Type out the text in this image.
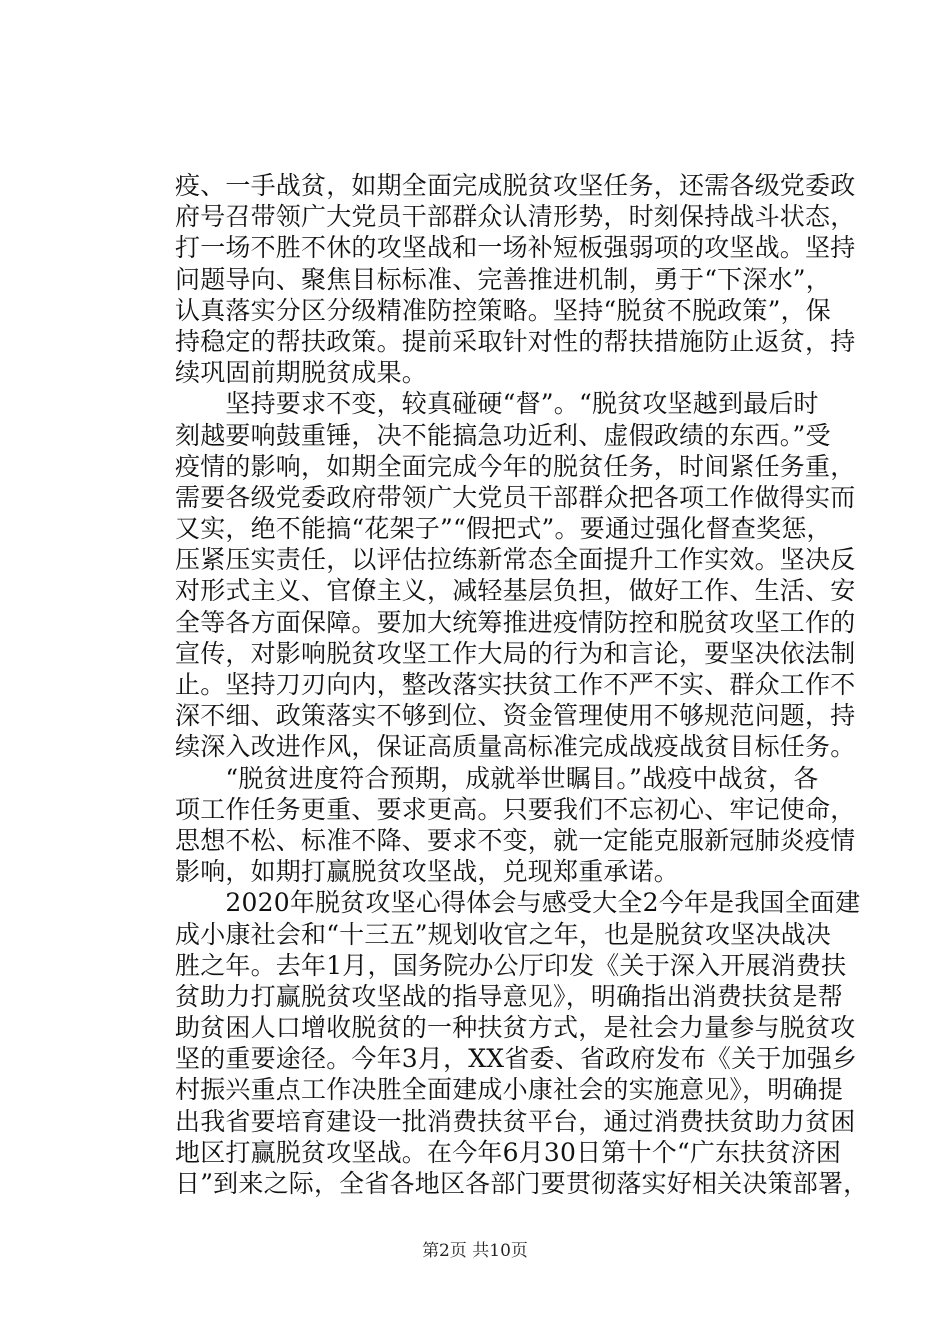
疫、一手战贫，如期全面完成脱贫攻坚任务，还需各级党委政
府号召带领广大党员干部群众认清形势，时刻保持战斗状态，
打一场不胜不休的攻坚战和一场补短板强弱项的攻坚战。坚持
问题导向、聚焦目标标准、完善推进机制，勇于“下深水”，
认真落实分区分级精准防控策略。坚持“脱贫不脱政策”，保
持稳定的帮扶政策。提前采取针对性的帮扶措施防止返贫，持
续巩固前期脱贫成果。
　　坚持要求不变，较真碰硬“督”。“脱贫攻坚越到最后时
刻越要响鼓重锤，决不能搞急功近利、虚假政绩的东西。”受
疫情的影响，如期全面完成今年的脱贫任务，时间紧任务重，
需要各级党委政府带领广大党员干部群众把各项工作做得实而
又实，绝不能搞“花架子”“假把式”。要通过强化督查奖惩，
压紧压实责任，以评估拉练新常态全面提升工作实效。坚决反
对形式主义、官僚主义，减轻基层负担，做好工作、生活、安
全等各方面保障。要加大统筹推进疫情防控和脱贫攻坚工作的
宣传，对影响脱贫攻坚工作大局的行为和言论，要坚决依法制
止。坚持刀刃向内，整改落实扶贫工作不严不实、群众工作不
深不细、政策落实不够到位、资金管理使用不够规范问题，持
续深入改进作风，保证高质量高标准完成战疫战贫目标任务。
　　“脱贫进度符合预期，成就举世瞩目。”战疫中战贫，各
项工作任务更重、要求更高。只要我们不忘初心、牢记使命，
思想不松、标准不降、要求不变，就一定能克服新冠肺炎疫情
影响，如期打赢脱贫攻坚战，兑现郑重承诺。
　　2020年脱贫攻坚心得体会与感受大全2今年是我国全面建
成小康社会和“十三五”规划收官之年，也是脱贫攻坚决战决
胜之年。去年1月，国务院办公厅印发《关于深入开展消费扶
贫助力打赢脱贫攻坚战的指导意见》，明确指出消费扶贫是帮
助贫困人口增收脱贫的一种扶贫方式，是社会力量参与脱贫攻
坚的重要途径。今年3月，XX省委、省政府发布《关于加强乡
村振兴重点工作决胜全面建成小康社会的实施意见》，明确提
出我省要培育建设一批消费扶贫平台，通过消费扶贫助力贫困
地区打赢脱贫攻坚战。在今年6月30日第十个“广东扶贫济困
日”到来之际，全省各地区各部门要贯彻落实好相关决策部署，
第2页 共10页
